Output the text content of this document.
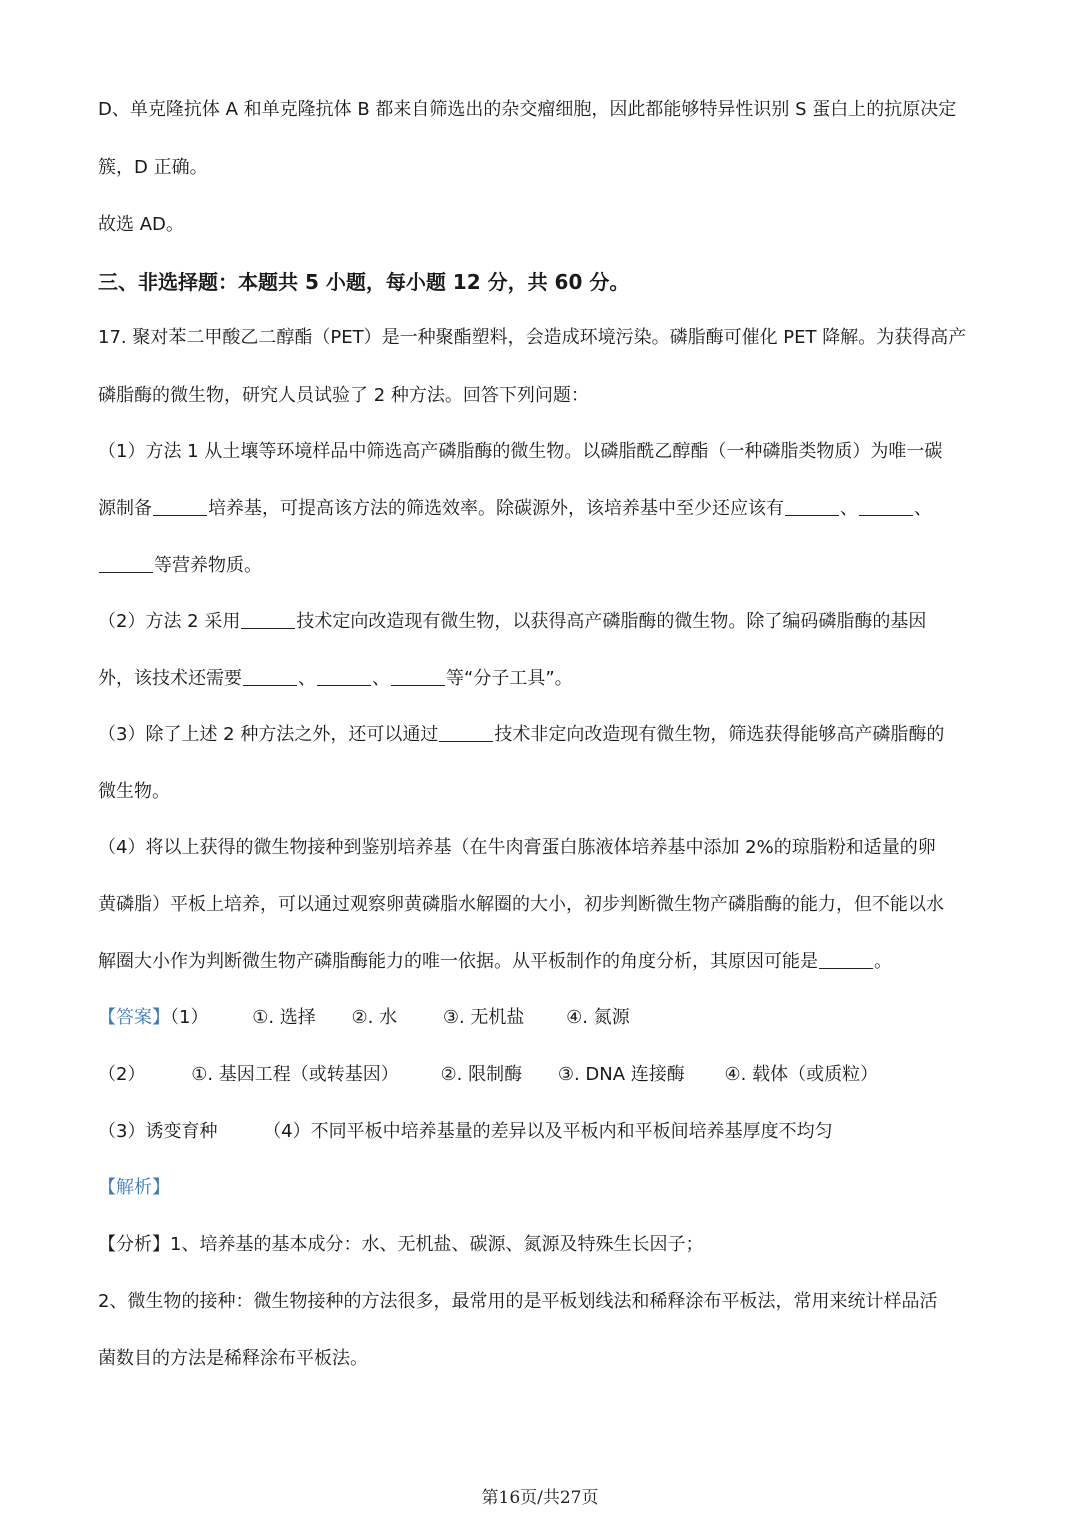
D、单克隆抗体 A 和单克隆抗体 B 都来自筛选出的杂交瘤细胞，因此都能够特异性识别 S 蛋白上的抗原决定
簇，D 正确。
故选 AD。
三、非选择题：本题共 5 小题，每小题 12 分，共 60 分。
17. 聚对苯二甲酸乙二醇酯（PET）是一种聚酯塑料，会造成环境污染。磷脂酶可催化 PET 降解。为获得高产
磷脂酶的微生物，研究人员试验了 2 种方法。回答下列问题：
（1）方法 1 从土壤等环境样品中筛选高产磷脂酶的微生物。以磷脂酰乙醇酯（一种磷脂类物质）为唯一碳
源制备	培养基，可提高该方法的筛选效率。除碳源外，该培养基中至少还应该有	、	、
等营养物质。
（2）方法 2 采用	技术定向改造现有微生物，以获得高产磷脂酶的微生物。除了编码磷脂酶的基因
外，该技术还需要	、	、	等“分子工具”。
（3）除了上述 2 种方法之外，还可以通过	技术非定向改造现有微生物，筛选获得能够高产磷脂酶的
微生物。
（4）将以上获得的微生物接种到鉴别培养基（在牛肉膏蛋白胨液体培养基中添加 2%的琼脂粉和适量的卵
黄磷脂）平板上培养，可以通过观察卵黄磷脂水解圈的大小，初步判断微生物产磷脂酶的能力，但不能以水
解圈大小作为判断微生物产磷脂酶能力的唯一依据。从平板制作的角度分析，其原因可能是	。
【答案】（1） ①. 选择 ②. 水	③. 无机盐 ④. 氮源
（2）	①. 基因工程（或转基因） ②. 限制酶 ③. DNA 连接酶 ④. 载体（或质粒）
（3）诱变育种	（4）不同平板中培养基量的差异以及平板内和平板间培养基厚度不均匀
【解析】
【分析】1、培养基的基本成分：水、无机盐、碳源、氮源及特殊生长因子；
2、微生物的接种：微生物接种的方法很多，最常用的是平板划线法和稀释涂布平板法，常用来统计样品活
菌数目的方法是稀释涂布平板法。
第16页/共27页
